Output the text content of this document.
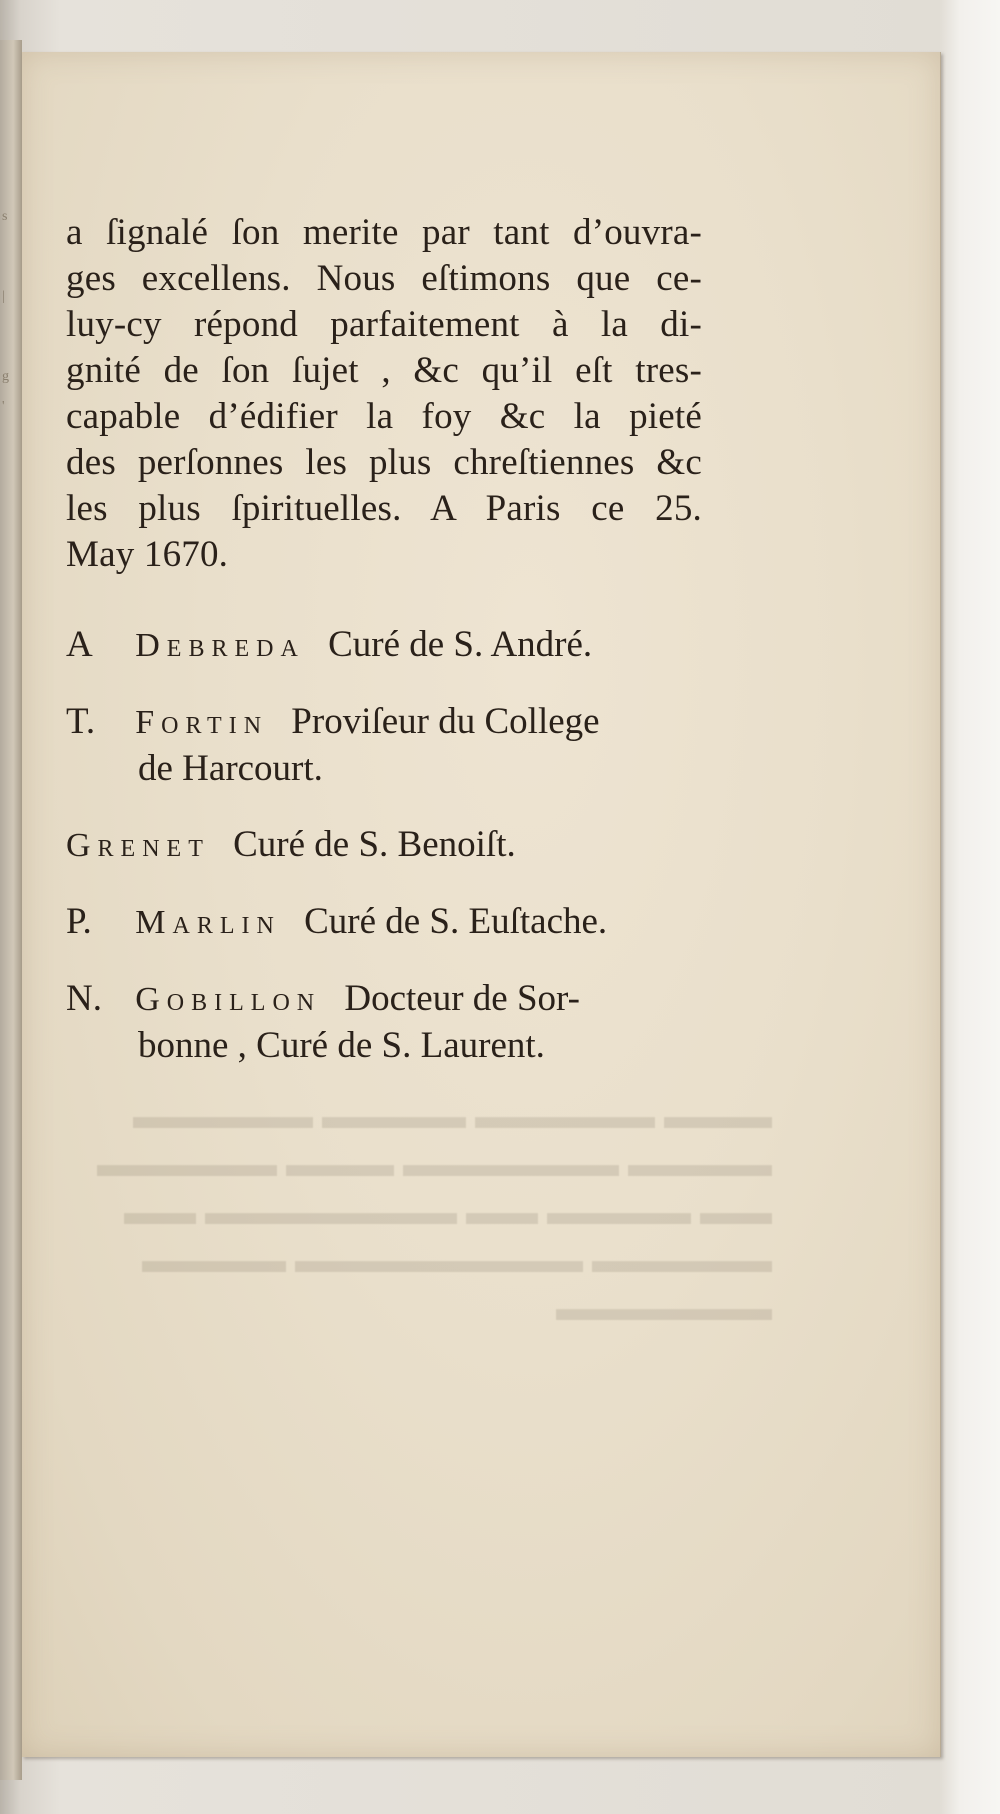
s
|
g
'
▬▬▬ ▬▬▬▬▬ ▬▬▬▬ ▬▬▬▬▬
▬▬▬▬ ▬▬▬▬▬▬ ▬▬▬ ▬▬▬▬▬
▬▬ ▬▬▬▬ ▬▬ ▬▬▬▬▬▬▬ ▬▬
▬▬▬▬▬ ▬▬▬▬▬▬▬▬ ▬▬▬▬
▬▬▬▬▬▬
a ſignalé ſon merite par tant d’ouvra-
ges excellens. Nous eſtimons que ce-
luy-cy répond parfaitement à la di-
gnité de ſon ſujet , &c qu’il eſt tres-
capable d’édifier la foy &c la pieté
des perſonnes les plus chreſtiennes &c
les plus ſpirituelles. A Paris ce 25.
May 1670.
A Debreda Curé de S. André.
T. Fortin Proviſeur du College
de Harcourt.
Grenet Curé de S. Benoiſt.
P. Marlin Curé de S. Euſtache.
N. Gobillon Docteur de Sor-
bonne , Curé de S. Laurent.
